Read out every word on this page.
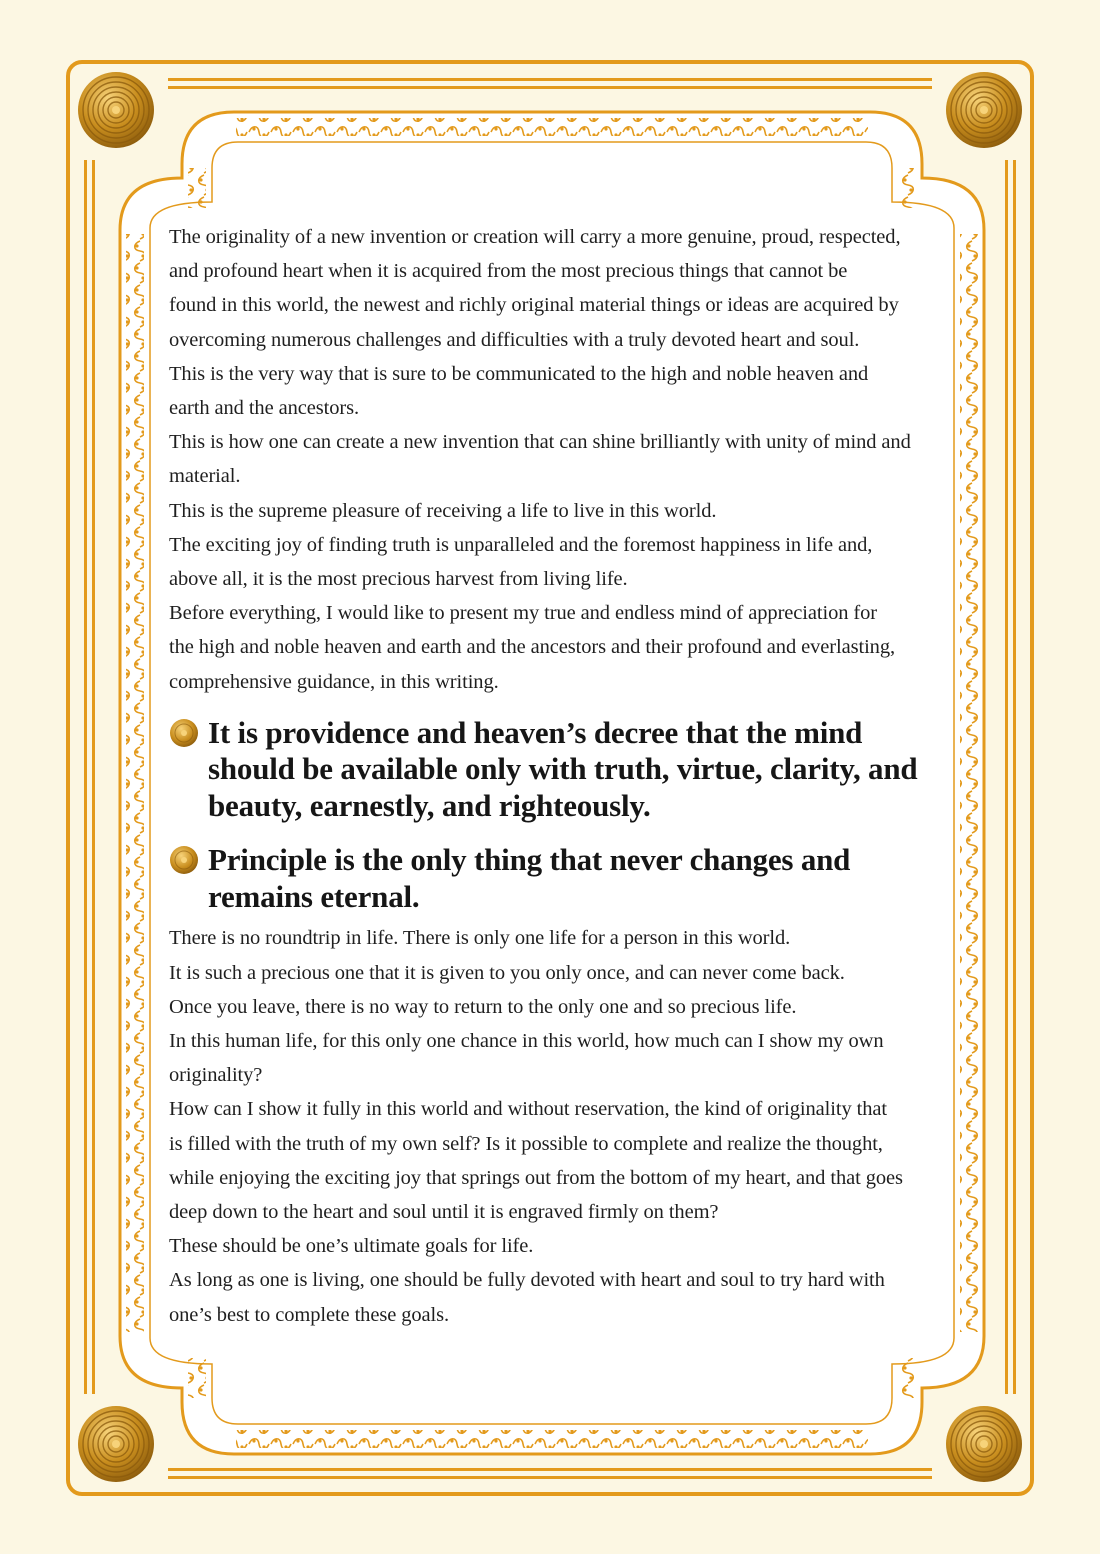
The originality of a new invention or creation will carry a more genuine, proud, respected,
and profound heart when it is acquired from the most precious things that cannot be
found in this world, the newest and richly original material things or ideas are acquired by
overcoming numerous challenges and difficulties with a truly devoted heart and soul.
This is the very way that is sure to be communicated to the high and noble heaven and
earth and the ancestors.
This is how one can create a new invention that can shine brilliantly with unity of mind and
material.
This is the supreme pleasure of receiving a life to live in this world.
The exciting joy of finding truth is unparalleled and the foremost happiness in life and,
above all, it is the most precious harvest from living life.
Before everything, I would like to present my true and endless mind of appreciation for
the high and noble heaven and earth and the ancestors and their profound and everlasting,
comprehensive guidance, in this writing.

It is providence and heaven’s decree that the mind
should be available only with truth, virtue, clarity, and
beauty, earnestly, and righteously.
Principle is the only thing that never changes and
remains eternal.

There is no roundtrip in life. There is only one life for a person in this world.
It is such a precious one that it is given to you only once, and can never come back.
Once you leave, there is no way to return to the only one and so precious life.
In this human life, for this only one chance in this world, how much can I show my own
originality?
How can I show it fully in this world and without reservation, the kind of originality that
is filled with the truth of my own self? Is it possible to complete and realize the thought,
while enjoying the exciting joy that springs out from the bottom of my heart, and that goes
deep down to the heart and soul until it is engraved firmly on them?
These should be one’s ultimate goals for life.
As long as one is living, one should be fully devoted with heart and soul to try hard with
one’s best to complete these goals.
